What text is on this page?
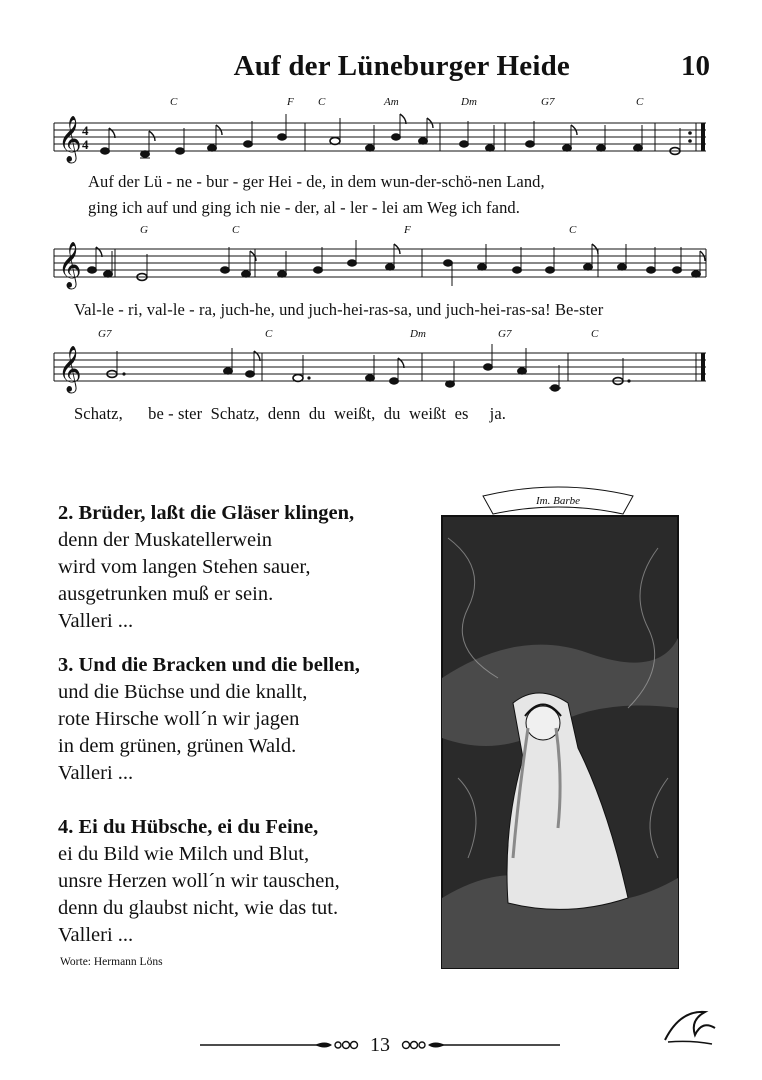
Auf der Lüneburger Heide	10
C	F C	Am	Dm	G7	C
𝄞 4
4
Auf der Lü - ne - bur - ger Hei - de, in dem wun-der-schö-nen Land,
ging ich auf und ging ich nie - der, al - ler - lei am Weg ich fand.
G	C	F	C
𝄞
Val-le - ri, val-le - ra, juch-he, und juch-hei-ras-sa, und juch-hei-ras-sa! Be-ster
G7	C	Dm	G7	C
𝄞
Schatz,      be - ster  Schatz,  denn  du  weißt,  du  weißt  es     ja.
2. Brüder, laßt die Gläser klingen,
denn der Muskatellerwein
wird vom langen Stehen sauer,
ausgetrunken muß er sein.
Valleri ...
3. Und die Bracken und die bellen,
und die Büchse und die knallt,
rote Hirsche woll´n wir jagen
in dem grünen, grünen Wald.
Valleri ...
4. Ei du Hübsche, ei du Feine,
ei du Bild wie Milch und Blut,
unsre Herzen woll´n wir tauschen,
denn du glaubst nicht, wie das tut.
Valleri ...
Worte: Hermann Löns
Im. Barbe
13
